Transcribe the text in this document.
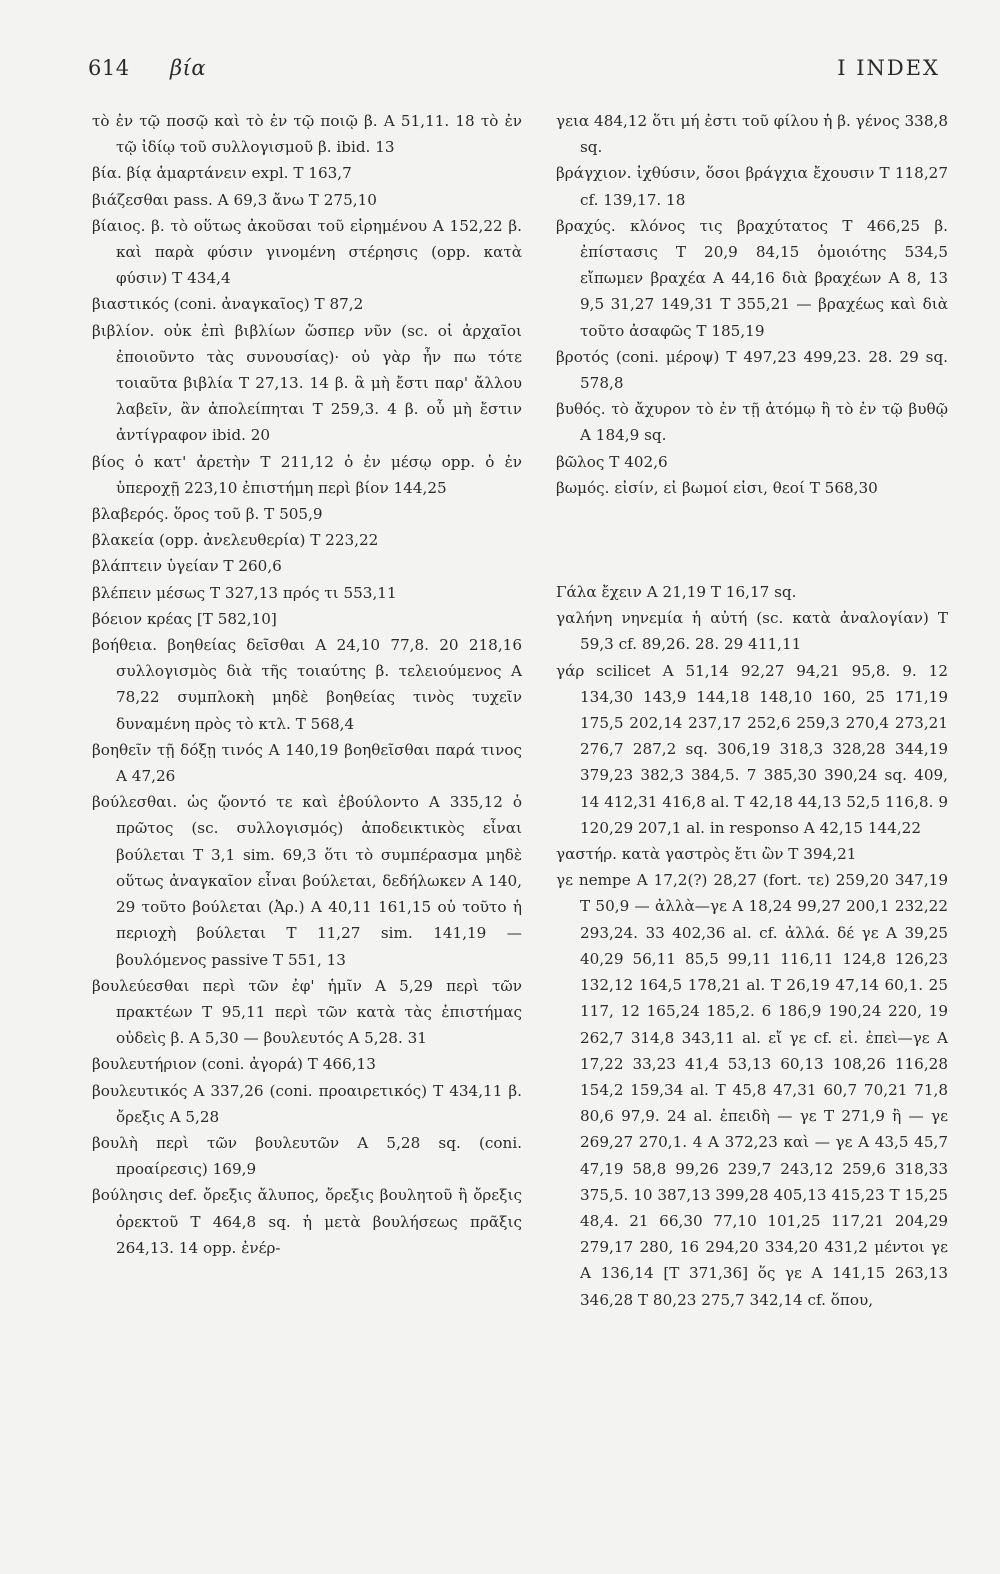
614 βία	I INDEX

τὸ ἐν τῷ ποσῷ καὶ τὸ ἐν τῷ ποιῷ β. A 51,11. 18 τὸ ἐν τῷ ἰδίῳ τοῦ συλλογισμοῦ β. ibid. 13

βία. βίᾳ ἁμαρτάνειν expl. T 163,7

βιάζεσθαι pass. A 69,3 ἄνω T 275,10

βίαιος. β. τὸ οὕτως ἀκοῦσαι τοῦ εἰρημένου A 152,22 β. καὶ παρὰ φύσιν γινομένη στέρησις (opp. κατὰ φύσιν) T 434,4

βιαστικός (coni. ἀναγκαῖος) T 87,2

βιβλίον. οὐκ ἐπὶ βιβλίων ὥσπερ νῦν (sc. οἱ ἀρχαῖοι ἐποιοῦντο τὰς συνουσίας)· οὐ γὰρ ἦν πω τότε τοιαῦτα βιβλία T 27,13. 14 β. ἃ μὴ ἔστι παρ' ἄλλου λαβεῖν, ἂν ἀπολείπηται T 259,3. 4 β. οὗ μὴ ἔστιν ἀντίγραφον ibid. 20

βίος ὁ κατ' ἀρετὴν T 211,12 ὁ ἐν μέσῳ opp. ὁ ἐν ὑπεροχῇ 223,10 ἐπιστήμη περὶ βίον 144,25

βλαβερός. ὅρος τοῦ β. T 505,9

βλακεία (opp. ἀνελευθερία) T 223,22

βλάπτειν ὑγείαν T 260,6

βλέπειν μέσως T 327,13 πρός τι 553,11

βόειον κρέας [T 582,10]

βοήθεια. βοηθείας δεῖσθαι A 24,10 77,8. 20 218,16 συλλογισμὸς διὰ τῆς τοιαύτης β. τελειούμενος A 78,22 συμπλοκὴ μηδὲ βοηθείας τινὸς τυχεῖν δυναμένη πρὸς τὸ κτλ. T 568,4

βοηθεῖν τῇ δόξῃ τινός A 140,19 βοηθεῖσθαι παρά τινος A 47,26

βούλεσθαι. ὡς ᾤοντό τε καὶ ἐβούλοντο A 335,12 ὁ πρῶτος (sc. συλλογισμός) ἀποδεικτικὸς εἶναι βούλεται T 3,1 sim. 69,3 ὅτι τὸ συμπέρασμα μηδὲ οὕτως ἀναγκαῖον εἶναι βούλεται, δεδήλωκεν A 140, 29 τοῦτο βούλεται (Ἀρ.) A 40,11 161,15 οὐ τοῦτο ἡ περιοχὴ βούλεται T 11,27 sim. 141,19 — βουλόμενος passive T 551, 13

βουλεύεσθαι περὶ τῶν ἐφ' ἡμῖν A 5,29 περὶ τῶν πρακτέων T 95,11 περὶ τῶν κατὰ τὰς ἐπιστήμας οὐδεὶς β. A 5,30 — βουλευτός A 5,28. 31

βουλευτήριον (coni. ἀγορά) T 466,13

βουλευτικός A 337,26 (coni. προαιρετικός) T 434,11 β. ὄρεξις A 5,28

βουλὴ περὶ τῶν βουλευτῶν A 5,28 sq. (coni. προαίρεσις) 169,9

βούλησις def. ὄρεξις ἄλυπος, ὄρεξις βουλητοῦ ἢ ὄρεξις ὀρεκτοῦ T 464,8 sq. ἡ μετὰ βουλήσεως πρᾶξις 264,13. 14 opp. ἐνέρ-

γεια 484,12 ὅτι μή ἐστι τοῦ φίλου ἡ β. γένος 338,8 sq.

βράγχιον. ἰχθύσιν, ὅσοι βράγχια ἔχουσιν T 118,27 cf. 139,17. 18

βραχύς. κλόνος τις βραχύτατος T 466,25 β. ἐπίστασις T 20,9 84,15 ὁμοιότης 534,5 εἴπωμεν βραχέα A 44,16 διὰ βραχέων A 8, 13 9,5 31,27 149,31 T 355,21 — βραχέως καὶ διὰ τοῦτο ἀσαφῶς T 185,19

βροτός (coni. μέροψ) T 497,23 499,23. 28. 29 sq. 578,8

βυθός. τὸ ἄχυρον τὸ ἐν τῇ ἀτόμῳ ἢ τὸ ἐν τῷ βυθῷ A 184,9 sq.

βῶλος T 402,6

βωμός. εἰσίν, εἰ βωμοί εἰσι, θεοί T 568,30

Γάλα ἔχειν A 21,19 T 16,17 sq.

γαλήνη νηνεμία ἡ αὐτή (sc. κατὰ ἀναλογίαν) T 59,3 cf. 89,26. 28. 29 411,11

γάρ scilicet A 51,14 92,27 94,21 95,8. 9. 12 134,30 143,9 144,18 148,10 160, 25 171,19 175,5 202,14 237,17 252,6 259,3 270,4 273,21 276,7 287,2 sq. 306,19 318,3 328,28 344,19 379,23 382,3 384,5. 7 385,30 390,24 sq. 409, 14 412,31 416,8 al. T 42,18 44,13 52,5 116,8. 9 120,29 207,1 al. in responso A 42,15 144,22

γαστήρ. κατὰ γαστρὸς ἔτι ὢν T 394,21

γε nempe A 17,2(?) 28,27 (fort. τε) 259,20 347,19 T 50,9 — ἀλλὰ—γε A 18,24 99,27 200,1 232,22 293,24. 33 402,36 al. cf. ἀλλά. δέ γε A 39,25 40,29 56,11 85,5 99,11 116,11 124,8 126,23 132,12 164,5 178,21 al. T 26,19 47,14 60,1. 25 117, 12 165,24 185,2. 6 186,9 190,24 220, 19 262,7 314,8 343,11 al. εἴ γε cf. εἰ. ἐπεὶ—γε A 17,22 33,23 41,4 53,13 60,13 108,26 116,28 154,2 159,34 al. T 45,8 47,31 60,7 70,21 71,8 80,6 97,9. 24 al. ἐπειδὴ — γε T 271,9 ἢ — γε 269,27 270,1. 4 A 372,23 καὶ — γε A 43,5 45,7 47,19 58,8 99,26 239,7 243,12 259,6 318,33 375,5. 10 387,13 399,28 405,13 415,23 T 15,25 48,4. 21 66,30 77,10 101,25 117,21 204,29 279,17 280, 16 294,20 334,20 431,2 μέντοι γε A 136,14 [T 371,36] ὅς γε A 141,15 263,13 346,28 T 80,23 275,7 342,14 cf. ὅπου,
